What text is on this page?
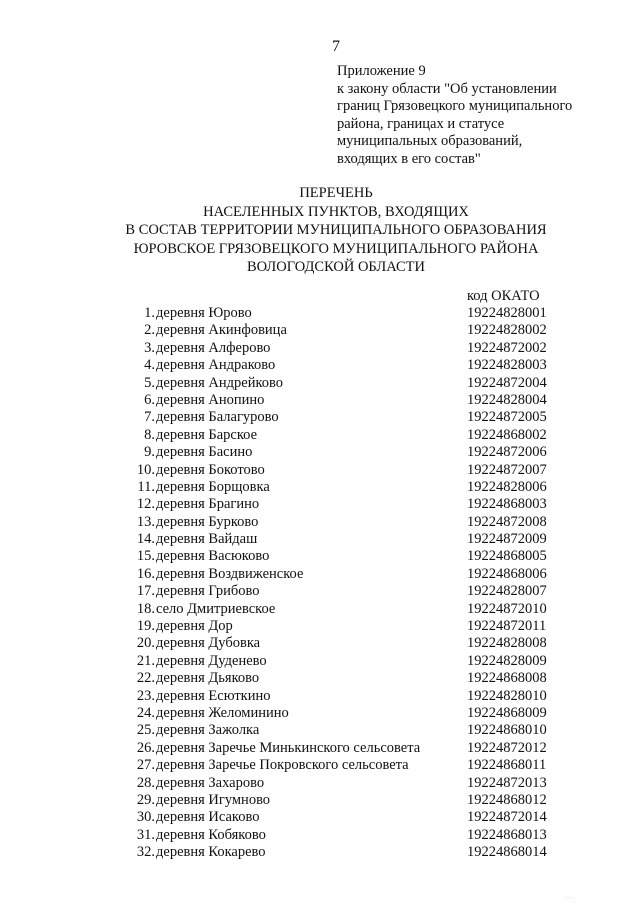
7
Приложение 9
к закону области "Об установлении
границ Грязовецкого муниципального
района, границах и статусе
муниципальных образований,
входящих в его состав"
ПЕРЕЧЕНЬ
НАСЕЛЕННЫХ ПУНКТОВ, ВХОДЯЩИХ
В СОСТАВ ТЕРРИТОРИИ МУНИЦИПАЛЬНОГО ОБРАЗОВАНИЯ
ЮРОВСКОЕ ГРЯЗОВЕЦКОГО МУНИЦИПАЛЬНОГО РАЙОНА
ВОЛОГОДСКОЙ ОБЛАСТИ
код ОКАТО
1. деревня Юрово	19224828001
2. деревня Акинфовица	19224828002
3. деревня Алферово	19224872002
4. деревня Андраково	19224828003
5. деревня Андрейково	19224872004
6. деревня Анопино	19224828004
7. деревня Балагурово	19224872005
8. деревня Барское	19224868002
9. деревня Басино	19224872006
10. деревня Бокотово	19224872007
11. деревня Борщовка	19224828006
12. деревня Брагино	19224868003
13. деревня Бурково	19224872008
14. деревня Вайдаш	19224872009
15. деревня Васюково	19224868005
16. деревня Воздвиженское	19224868006
17. деревня Грибово	19224828007
18. село Дмитриевское	19224872010
19. деревня Дор	19224872011
20. деревня Дубовка	19224828008
21. деревня Дуденево	19224828009
22. деревня Дьяково	19224868008
23. деревня Есюткино	19224828010
24. деревня Желоминино	19224868009
25. деревня Зажолка	19224868010
26. деревня Заречье Минькинского сельсовета	19224872012
27. деревня Заречье Покровского сельсовета	19224868011
28. деревня Захарово	19224872013
29. деревня Игумново	19224868012
30. деревня Исаково	19224872014
31. деревня Кобяково	19224868013
32. деревня Кокарево	19224868014
· · ·
